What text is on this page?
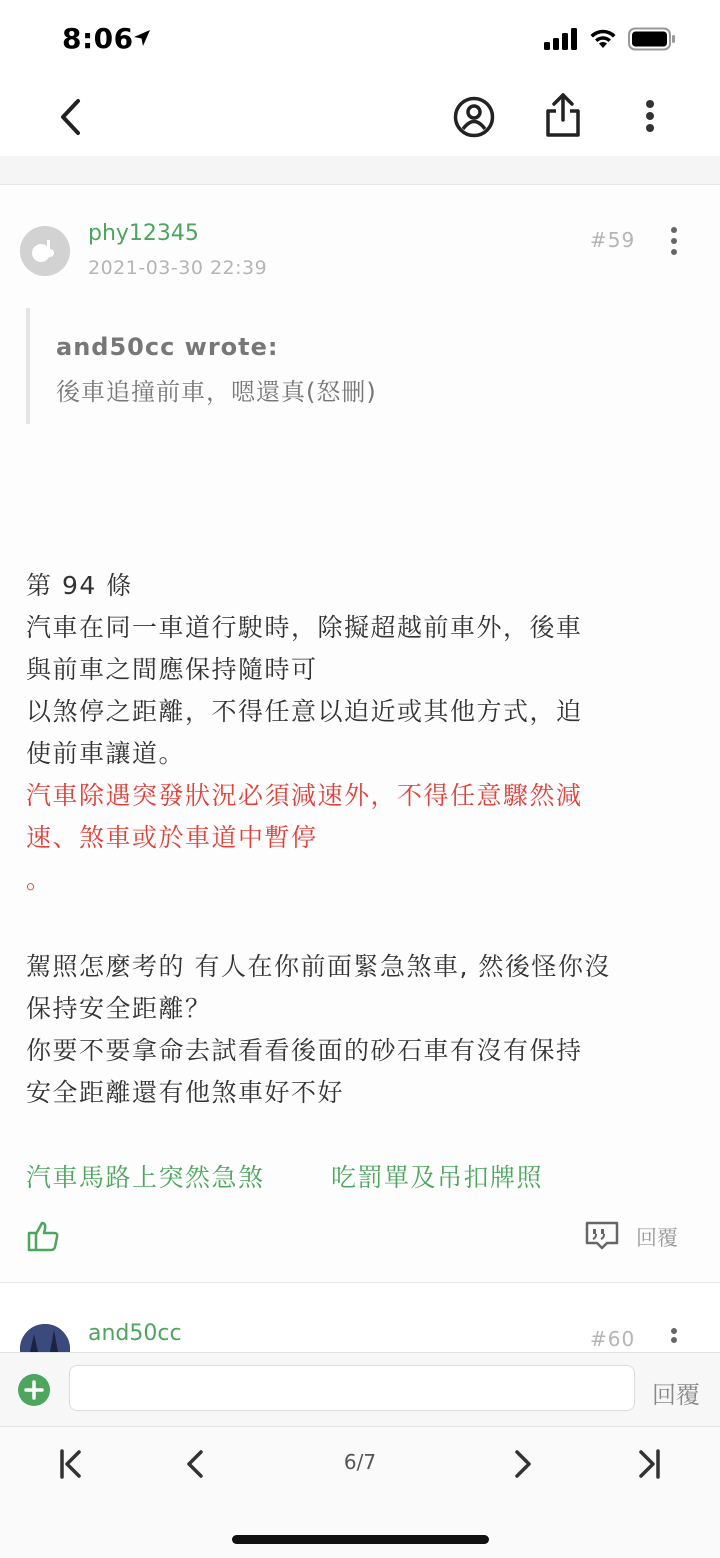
8:06
phy12345
2021-03-30 22:39
#59
and50cc wrote:
後車追撞前車，嗯還真(怒刪)
第 94 條
汽車在同一車道行駛時，除擬超越前車外，後車
與前車之間應保持隨時可
以煞停之距離，不得任意以迫近或其他方式，迫
使前車讓道。
汽車除遇突發狀況必須減速外，不得任意驟然減
速、煞車或於車道中暫停
。
駕照怎麼考的 有人在你前面緊急煞車, 然後怪你沒
保持安全距離？
你要不要拿命去試看看後面的砂石車有沒有保持
安全距離還有他煞車好不好
汽車馬路上突然急煞	吃罰單及吊扣牌照
回覆
and50cc	#60
回覆
6/7
